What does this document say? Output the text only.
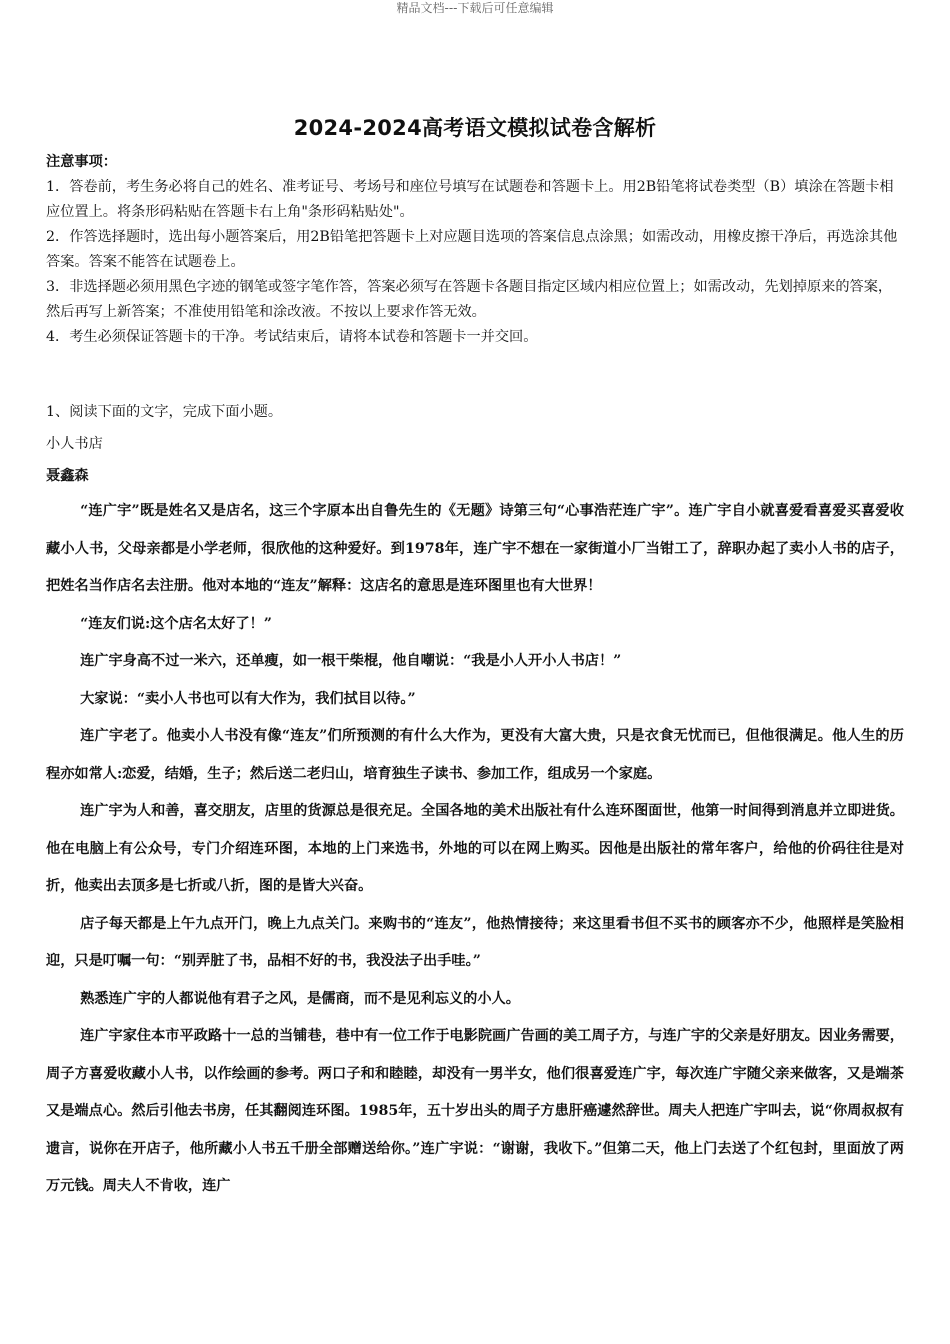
精品文档---下载后可任意编辑
2024-2024高考语文模拟试卷含解析
注意事项：

1．答卷前，考生务必将自己的姓名、准考证号、考场号和座位号填写在试题卷和答题卡上。用2B铅笔将试卷类型（B）填涂在答题卡相应位置上。将条形码粘贴在答题卡右上角"条形码粘贴处"。

2．作答选择题时，选出每小题答案后，用2B铅笔把答题卡上对应题目选项的答案信息点涂黑；如需改动，用橡皮擦干净后，再选涂其他答案。答案不能答在试题卷上。

3．非选择题必须用黑色字迹的钢笔或签字笔作答，答案必须写在答题卡各题目指定区域内相应位置上；如需改动，先划掉原来的答案，然后再写上新答案；不准使用铅笔和涂改液。不按以上要求作答无效。

4．考生必须保证答题卡的干净。考试结束后，请将本试卷和答题卡一并交回。

1、阅读下面的文字，完成下面小题。
小人书店
聂鑫森

“连广宇”既是姓名又是店名，这三个字原本出自鲁先生的《无题》诗第三句“心事浩茫连广宇”。连广宇自小就喜爱看喜爱买喜爱收藏小人书，父母亲都是小学老师，很欣他的这种爱好。到1978年，连广宇不想在一家街道小厂当钳工了，辞职办起了卖小人书的店子，把姓名当作店名去注册。他对本地的“连友”解释：这店名的意思是连环图里也有大世界！

“连友们说:这个店名太好了！”

连广宇身高不过一米六，还单瘦，如一根干柴棍，他自嘲说：“我是小人开小人书店！”

大家说：“卖小人书也可以有大作为，我们拭目以待。”

连广宇老了。他卖小人书没有像“连友”们所预测的有什么大作为，更没有大富大贵，只是衣食无忧而已，但他很满足。他人生的历程亦如常人:恋爱，结婚，生子；然后送二老归山，培育独生子读书、参加工作，组成另一个家庭。

连广宇为人和善，喜交朋友，店里的货源总是很充足。全国各地的美术出版社有什么连环图面世，他第一时间得到消息并立即进货。他在电脑上有公众号，专门介绍连环图，本地的上门来选书，外地的可以在网上购买。因他是出版社的常年客户，给他的价码往往是对折，他卖出去顶多是七折或八折，图的是皆大兴奋。

店子每天都是上午九点开门，晚上九点关门。来购书的“连友”，他热情接待；来这里看书但不买书的顾客亦不少，他照样是笑脸相迎，只是叮嘱一句：“别弄脏了书，品相不好的书，我没法子出手哇。”

熟悉连广宇的人都说他有君子之风，是儒商，而不是见利忘义的小人。

连广宇家住本市平政路十一总的当铺巷，巷中有一位工作于电影院画广告画的美工周子方，与连广宇的父亲是好朋友。因业务需要，周子方喜爱收藏小人书，以作绘画的参考。两口子和和睦睦，却没有一男半女，他们很喜爱连广宇，每次连广宇随父亲来做客，又是端茶又是端点心。然后引他去书房，任其翻阅连环图。1985年，五十岁出头的周子方患肝癌遽然辞世。周夫人把连广宇叫去，说“你周叔叔有遗言，说你在开店子，他所藏小人书五千册全部赠送给你。”连广宇说：“谢谢，我收下。”但第二天，他上门去送了个红包封，里面放了两万元钱。周夫人不肯收，连广
